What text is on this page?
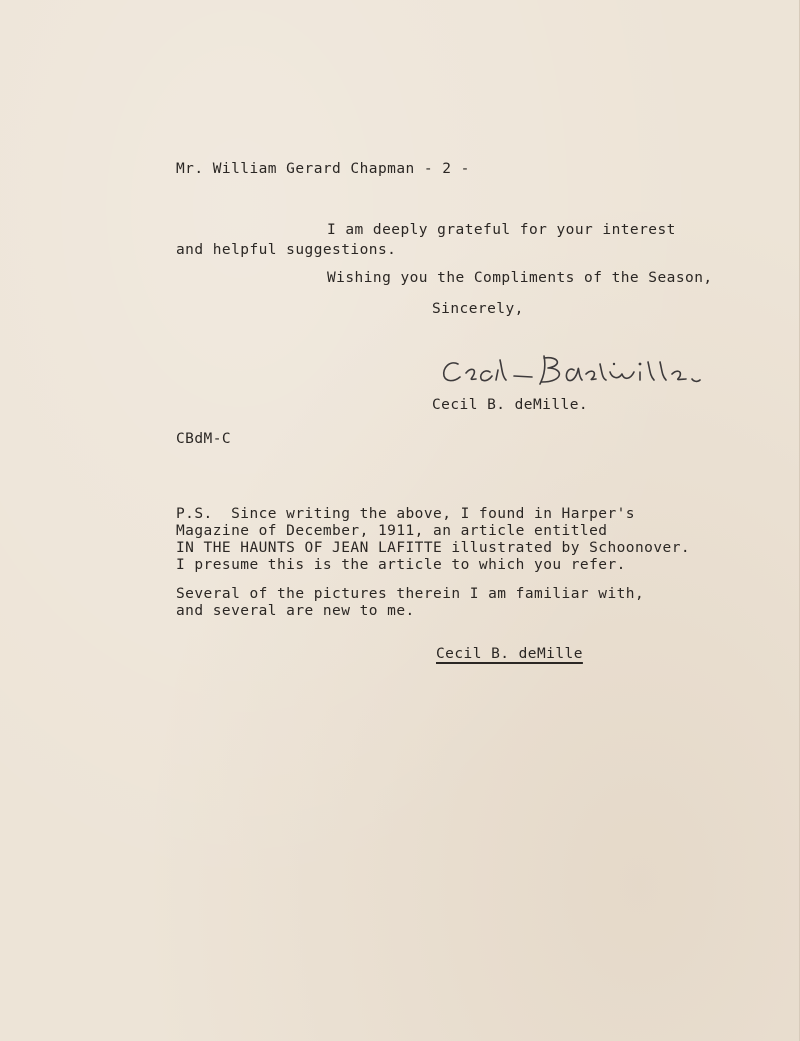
Mr. William Gerard Chapman - 2 -
I am deeply grateful for your interest
and helpful suggestions.
Wishing you the Compliments of the Season,
Sincerely,
Cecil B. deMille.
CBdM-C
P.S.  Since writing the above, I found in Harper's
Magazine of December, 1911, an article entitled
IN THE HAUNTS OF JEAN LAFITTE illustrated by Schoonover.
I presume this is the article to which you refer.
Several of the pictures therein I am familiar with,
and several are new to me.
Cecil B. deMille
